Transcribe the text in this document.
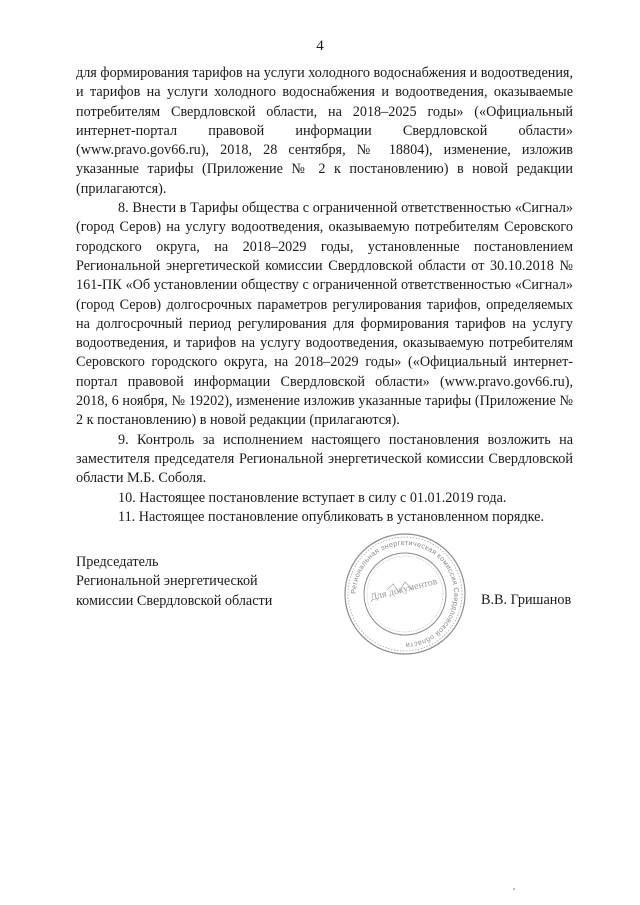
4

для формирования тарифов на услуги холодного водоснабжения и водоотведения, и тарифов на услуги холодного водоснабжения и водоотведения, оказываемые потребителям Свердловской области, на 2018–2025 годы» («Официальный интернет-портал правовой информации Свердловской области» (www.pravo.gov66.ru), 2018, 28 сентября, № 18804), изменение, изложив указанные тарифы (Приложение № 2 к постановлению) в новой редакции (прилагаются).

8. Внести в Тарифы общества с ограниченной ответственностью «Сигнал» (город Серов) на услугу водоотведения, оказываемую потребителям Серовского городского округа, на 2018–2029 годы, установленные постановлением Региональной энергетической комиссии Свердловской области от 30.10.2018 № 161-ПК «Об установлении обществу с ограниченной ответственностью «Сигнал» (город Серов) долгосрочных параметров регулирования тарифов, определяемых на долгосрочный период регулирования для формирования тарифов на услугу водоотведения, и тарифов на услугу водоотведения, оказываемую потребителям Серовского городского округа, на 2018–2029 годы» («Официальный интернет-портал правовой информации Свердловской области» (www.pravo.gov66.ru), 2018, 6 ноября, № 19202), изменение изложив указанные тарифы (Приложение № 2 к постановлению) в новой редакции (прилагаются).

9. Контроль за исполнением настоящего постановления возложить на заместителя председателя Региональной энергетической комиссии Свердловской области М.Б. Соболя.

10. Настоящее постановление вступает в силу с 01.01.2019 года.

11. Настоящее постановление опубликовать в установленном порядке.

Председатель
Региональной энергетической
комиссии Свердловской области	В.В. Гришанов
Региональная энергетическая комиссия Свердловской области
Для документов
